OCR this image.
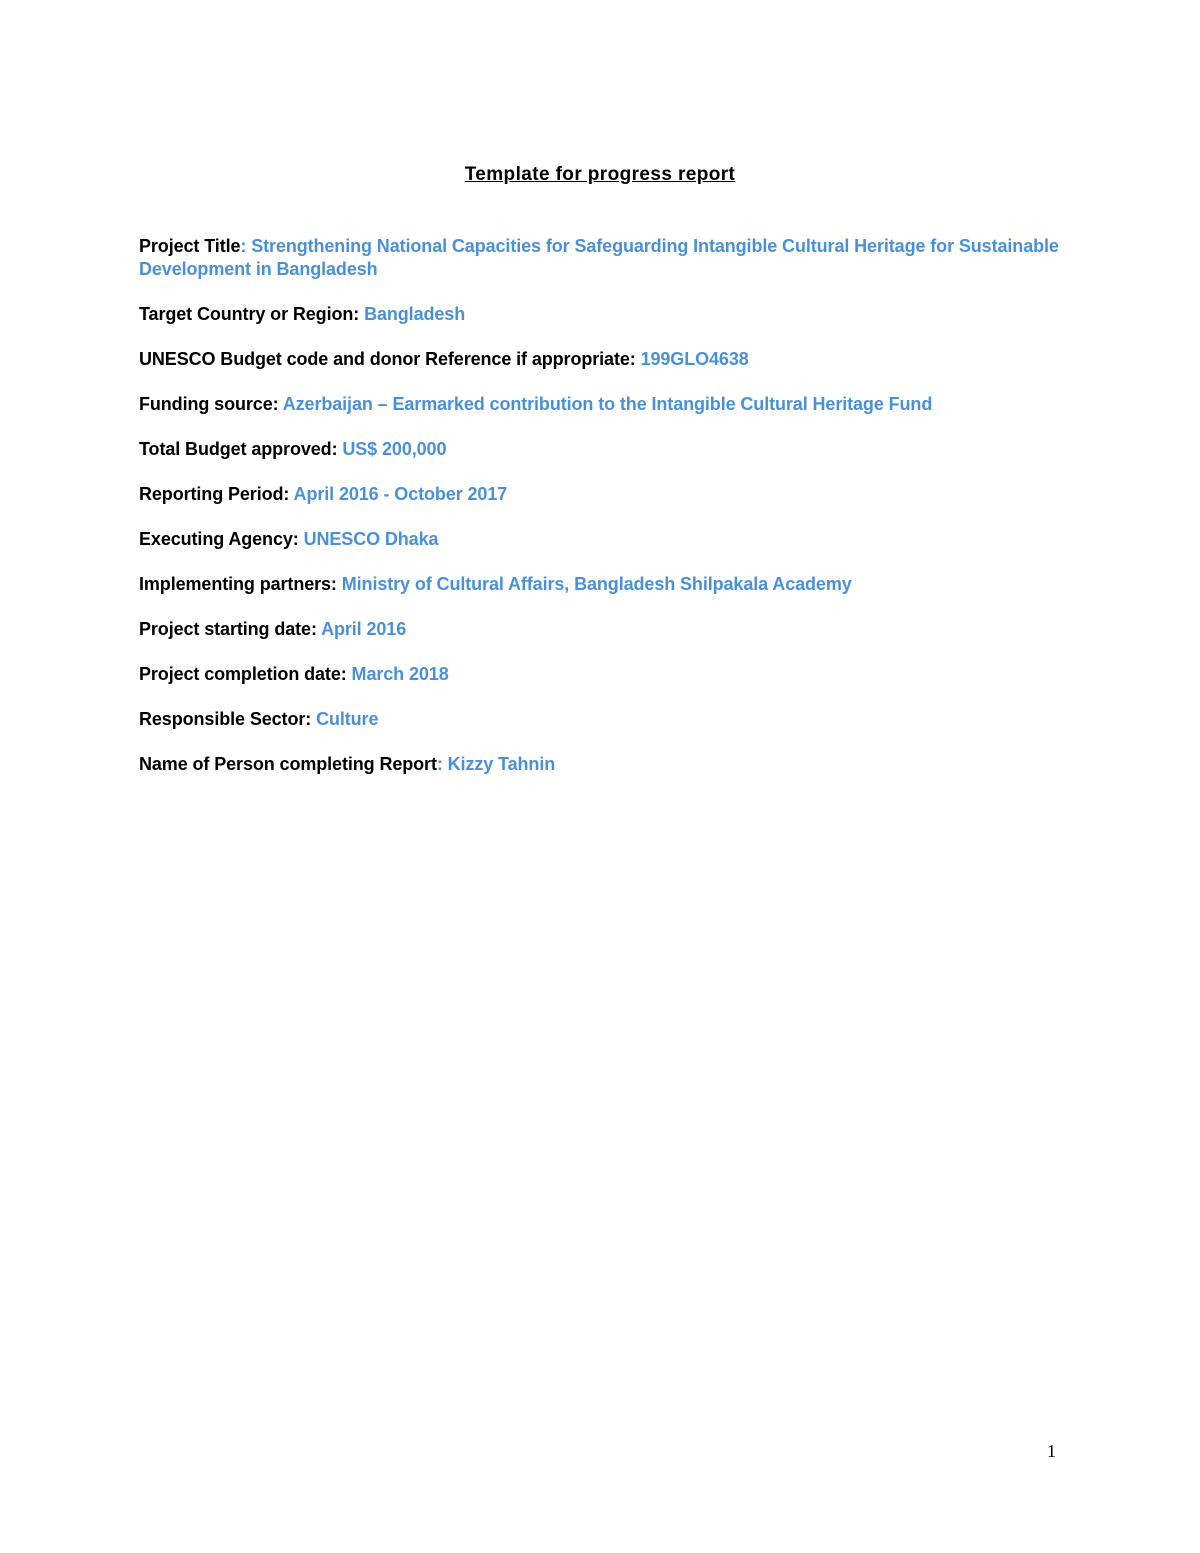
Template for progress report

Project Title: Strengthening National Capacities for Safeguarding Intangible Cultural Heritage for Sustainable Development in Bangladesh

Target Country or Region: Bangladesh

UNESCO Budget code and donor Reference if appropriate: 199GLO4638

Funding source: Azerbaijan – Earmarked contribution to the Intangible Cultural Heritage Fund

Total Budget approved: US$ 200,000

Reporting Period: April 2016 - October 2017

Executing Agency: UNESCO Dhaka

Implementing partners: Ministry of Cultural Affairs, Bangladesh Shilpakala Academy

Project starting date: April 2016

Project completion date: March 2018

Responsible Sector: Culture

Name of Person completing Report: Kizzy Tahnin

1
